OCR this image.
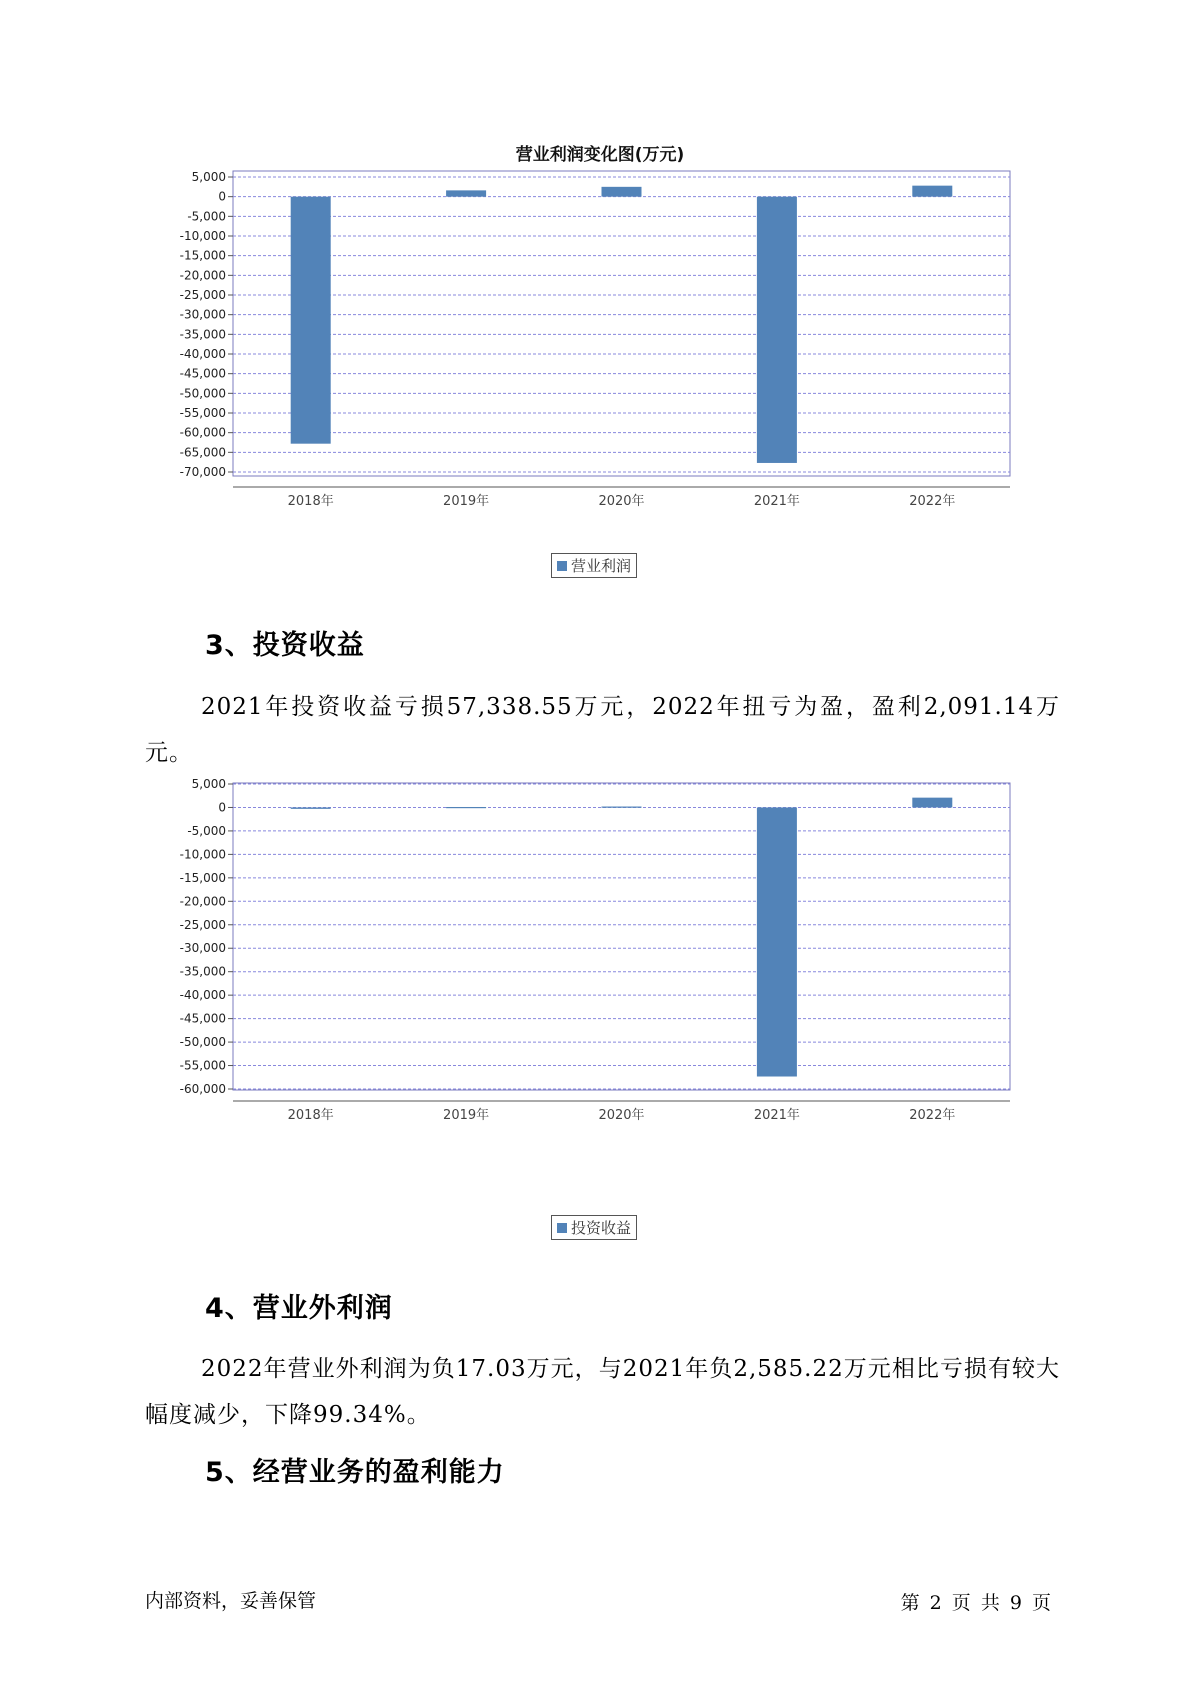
营业利润变化图(万元)
5,000
0
-5,000
-10,000
-15,000
-20,000
-25,000
-30,000
-35,000
-40,000
-45,000
-50,000
-55,000
-60,000
-65,000
-70,000
2018年	2019年	2020年	2021年	2022年
营业利润
3、投资收益
2021年投资收益亏损57,338.55万元，2022年扭亏为盈，盈利2,091.14万元。
5,000
0
-5,000
-10,000
-15,000
-20,000
-25,000
-30,000
-35,000
-40,000
-45,000
-50,000
-55,000
-60,000
2018年	2019年	2020年	2021年	2022年
投资收益
4、营业外利润
2022年营业外利润为负17.03万元，与2021年负2,585.22万元相比亏损有较大幅度减少，下降99.34%。
5、经营业务的盈利能力
内部资料，妥善保管	第 2 页 共 9 页
